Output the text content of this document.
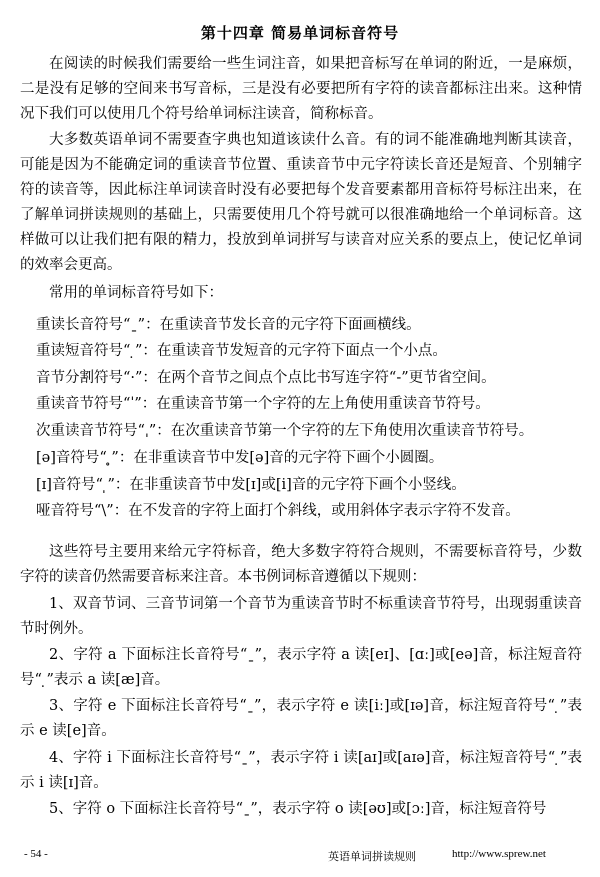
第十四章 简易单词标音符号

在阅读的时候我们需要给一些生词注音，如果把音标写在单词的附近，一是麻烦，二是没有足够的空间来书写音标，三是没有必要把所有字符的读音都标注出来。这种情况下我们可以使用几个符号给单词标注读音，简称标音。

大多数英语单词不需要查字典也知道该读什么音。有的词不能准确地判断其读音，可能是因为不能确定词的重读音节位置、重读音节中元字符读长音还是短音、个别辅字符的读音等，因此标注单词读音时没有必要把每个发音要素都用音标符号标注出来，在了解单词拼读规则的基础上，只需要使用几个符号就可以很准确地给一个单词标音。这样做可以让我们把有限的精力，投放到单词拼写与读音对应关系的要点上，使记忆单词的效率会更高。

常用的单词标音符号如下：

重读长音符号“ˍ”：在重读音节发长音的元字符下面画横线。

重读短音符号“ ̣”：在重读音节发短音的元字符下面点一个小点。

音节分割符号“·”：在两个音节之间点个点比书写连字符“-”更节省空间。

重读音节符号“ˈ”：在重读音节第一个字符的左上角使用重读音节符号。

次重读音节符号“ˌ”：在次重读音节第一个字符的左下角使用次重读音节符号。

[ə]音符号“ ̥”：在非重读音节中发[ə]音的元字符下画个小圆圈。

[ɪ]音符号“ ̩”：在非重读音节中发[ɪ]或[i]音的元字符下画个小竖线。

哑音符号“\”：在不发音的字符上面打个斜线，或用斜体字表示字符不发音。

这些符号主要用来给元字符标音，绝大多数字符符合规则，不需要标音符号，少数字符的读音仍然需要音标来注音。本书例词标音遵循以下规则：

1、双音节词、三音节词第一个音节为重读音节时不标重读音节符号，出现弱重读音节时例外。

2、字符 a 下面标注长音符号“ˍ”，表示字符 a 读[eɪ]、[ɑː]或[eə]音，标注短音符号“ ̣”表示 a 读[æ]音。

3、字符 e 下面标注长音符号“ˍ”，表示字符 e 读[iː]或[ɪə]音，标注短音符号“ ̣”表示 e 读[e]音。

4、字符 i 下面标注长音符号“ˍ”，表示字符 i 读[aɪ]或[aɪə]音，标注短音符号“ ̣”表示 i 读[ɪ]音。

5、字符 o 下面标注长音符号“ˍ”，表示字符 o 读[əʊ]或[ɔː]音，标注短音符号

- 54 -	英语单词拼读规则	http://www.sprew.net
